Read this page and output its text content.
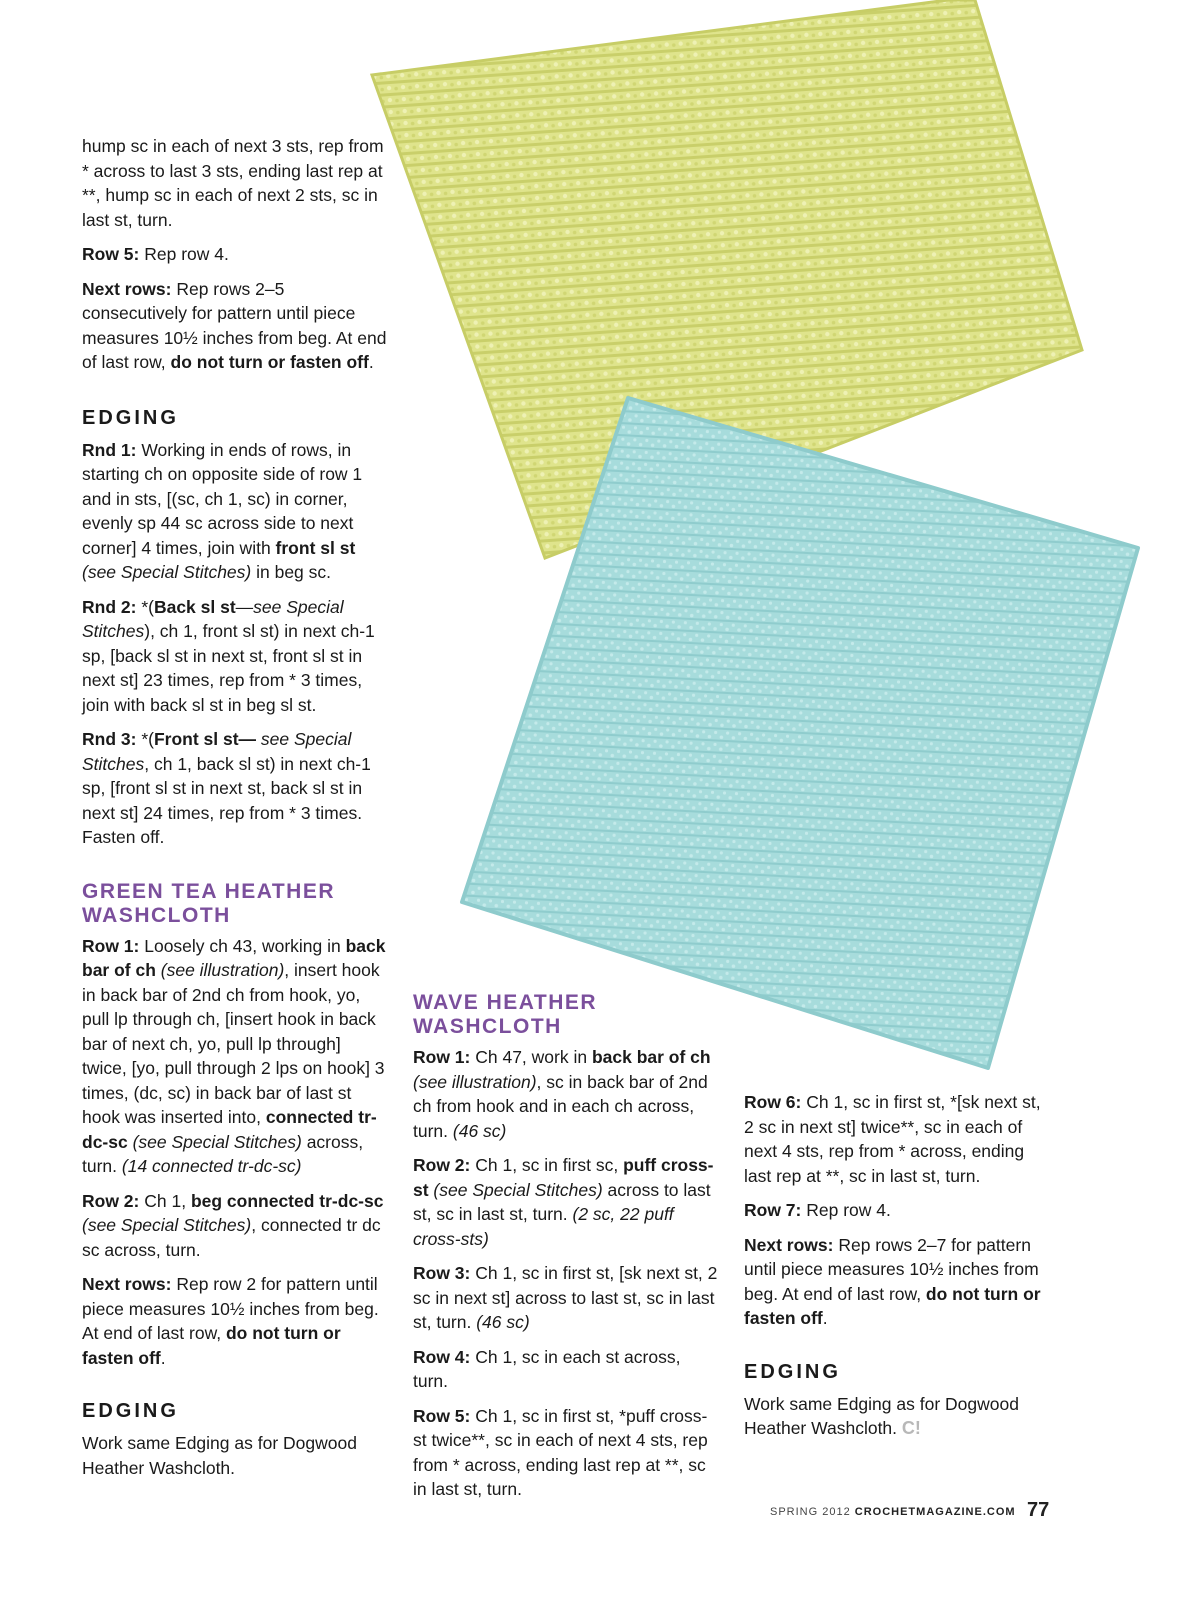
hump sc in each of next 3 sts, rep from * across to last 3 sts, ending last rep at **, hump sc in each of next 2 sts, sc in last st, turn.

Row 5: Rep row 4.

Next rows: Rep rows 2–5 consecutively for pattern until piece measures 10½ inches from beg. At end of last row, do not turn or fasten off.

EDGING

Rnd 1: Working in ends of rows, in starting ch on opposite side of row 1 and in sts, [(sc, ch 1, sc) in corner, evenly sp 44 sc across side to next corner] 4 times, join with front sl st (see Special Stitches) in beg sc.

Rnd 2: *(Back sl st—see Special Stitches), ch 1, front sl st) in next ch-1 sp, [back sl st in next st, front sl st in next st] 23 times, rep from * 3 times, join with back sl st in beg sl st.

Rnd 3: *(Front sl st— see Special Stitches, ch 1, back sl st) in next ch-1 sp, [front sl st in next st, back sl st in next st] 24 times, rep from * 3 times. Fasten off.

GREEN TEA HEATHER
WASHCLOTH

Row 1: Loosely ch 43, working in back bar of ch (see illustration), insert hook in back bar of 2nd ch from hook, yo, pull lp through ch, [insert hook in back bar of next ch, yo, pull lp through] twice, [yo, pull through 2 lps on hook] 3 times, (dc, sc) in back bar of last st hook was inserted into, connected tr-dc-sc (see Special Stitches) across, turn. (14 connected tr-dc-sc)

Row 2: Ch 1, beg connected tr-dc-sc (see Special Stitches), connected tr dc sc across, turn.

Next rows: Rep row 2 for pattern until piece measures 10½ inches from beg. At end of last row, do not turn or fasten off.

EDGING

Work same Edging as for Dogwood Heather Washcloth.

WAVE HEATHER
WASHCLOTH

Row 1: Ch 47, work in back bar of ch (see illustration), sc in back bar of 2nd ch from hook and in each ch across, turn. (46 sc)

Row 2: Ch 1, sc in first sc, puff cross-st (see Special Stitches) across to last st, sc in last st, turn. (2 sc, 22 puff cross-sts)

Row 3: Ch 1, sc in first st, [sk next st, 2 sc in next st] across to last st, sc in last st, turn. (46 sc)

Row 4: Ch 1, sc in each st across, turn.

Row 5: Ch 1, sc in first st, *puff cross-st twice**, sc in each of next 4 sts, rep from * across, ending last rep at **, sc in last st, turn.

Row 6: Ch 1, sc in first st, *[sk next st, 2 sc in next st] twice**, sc in each of next 4 sts, rep from * across, ending last rep at **, sc in last st, turn.

Row 7: Rep row 4.

Next rows: Rep rows 2–7 for pattern until piece measures 10½ inches from beg. At end of last row, do not turn or fasten off.

EDGING

Work same Edging as for Dogwood Heather Washcloth. C!

SPRING 2012 CROCHETMAGAZINE.COM 77
